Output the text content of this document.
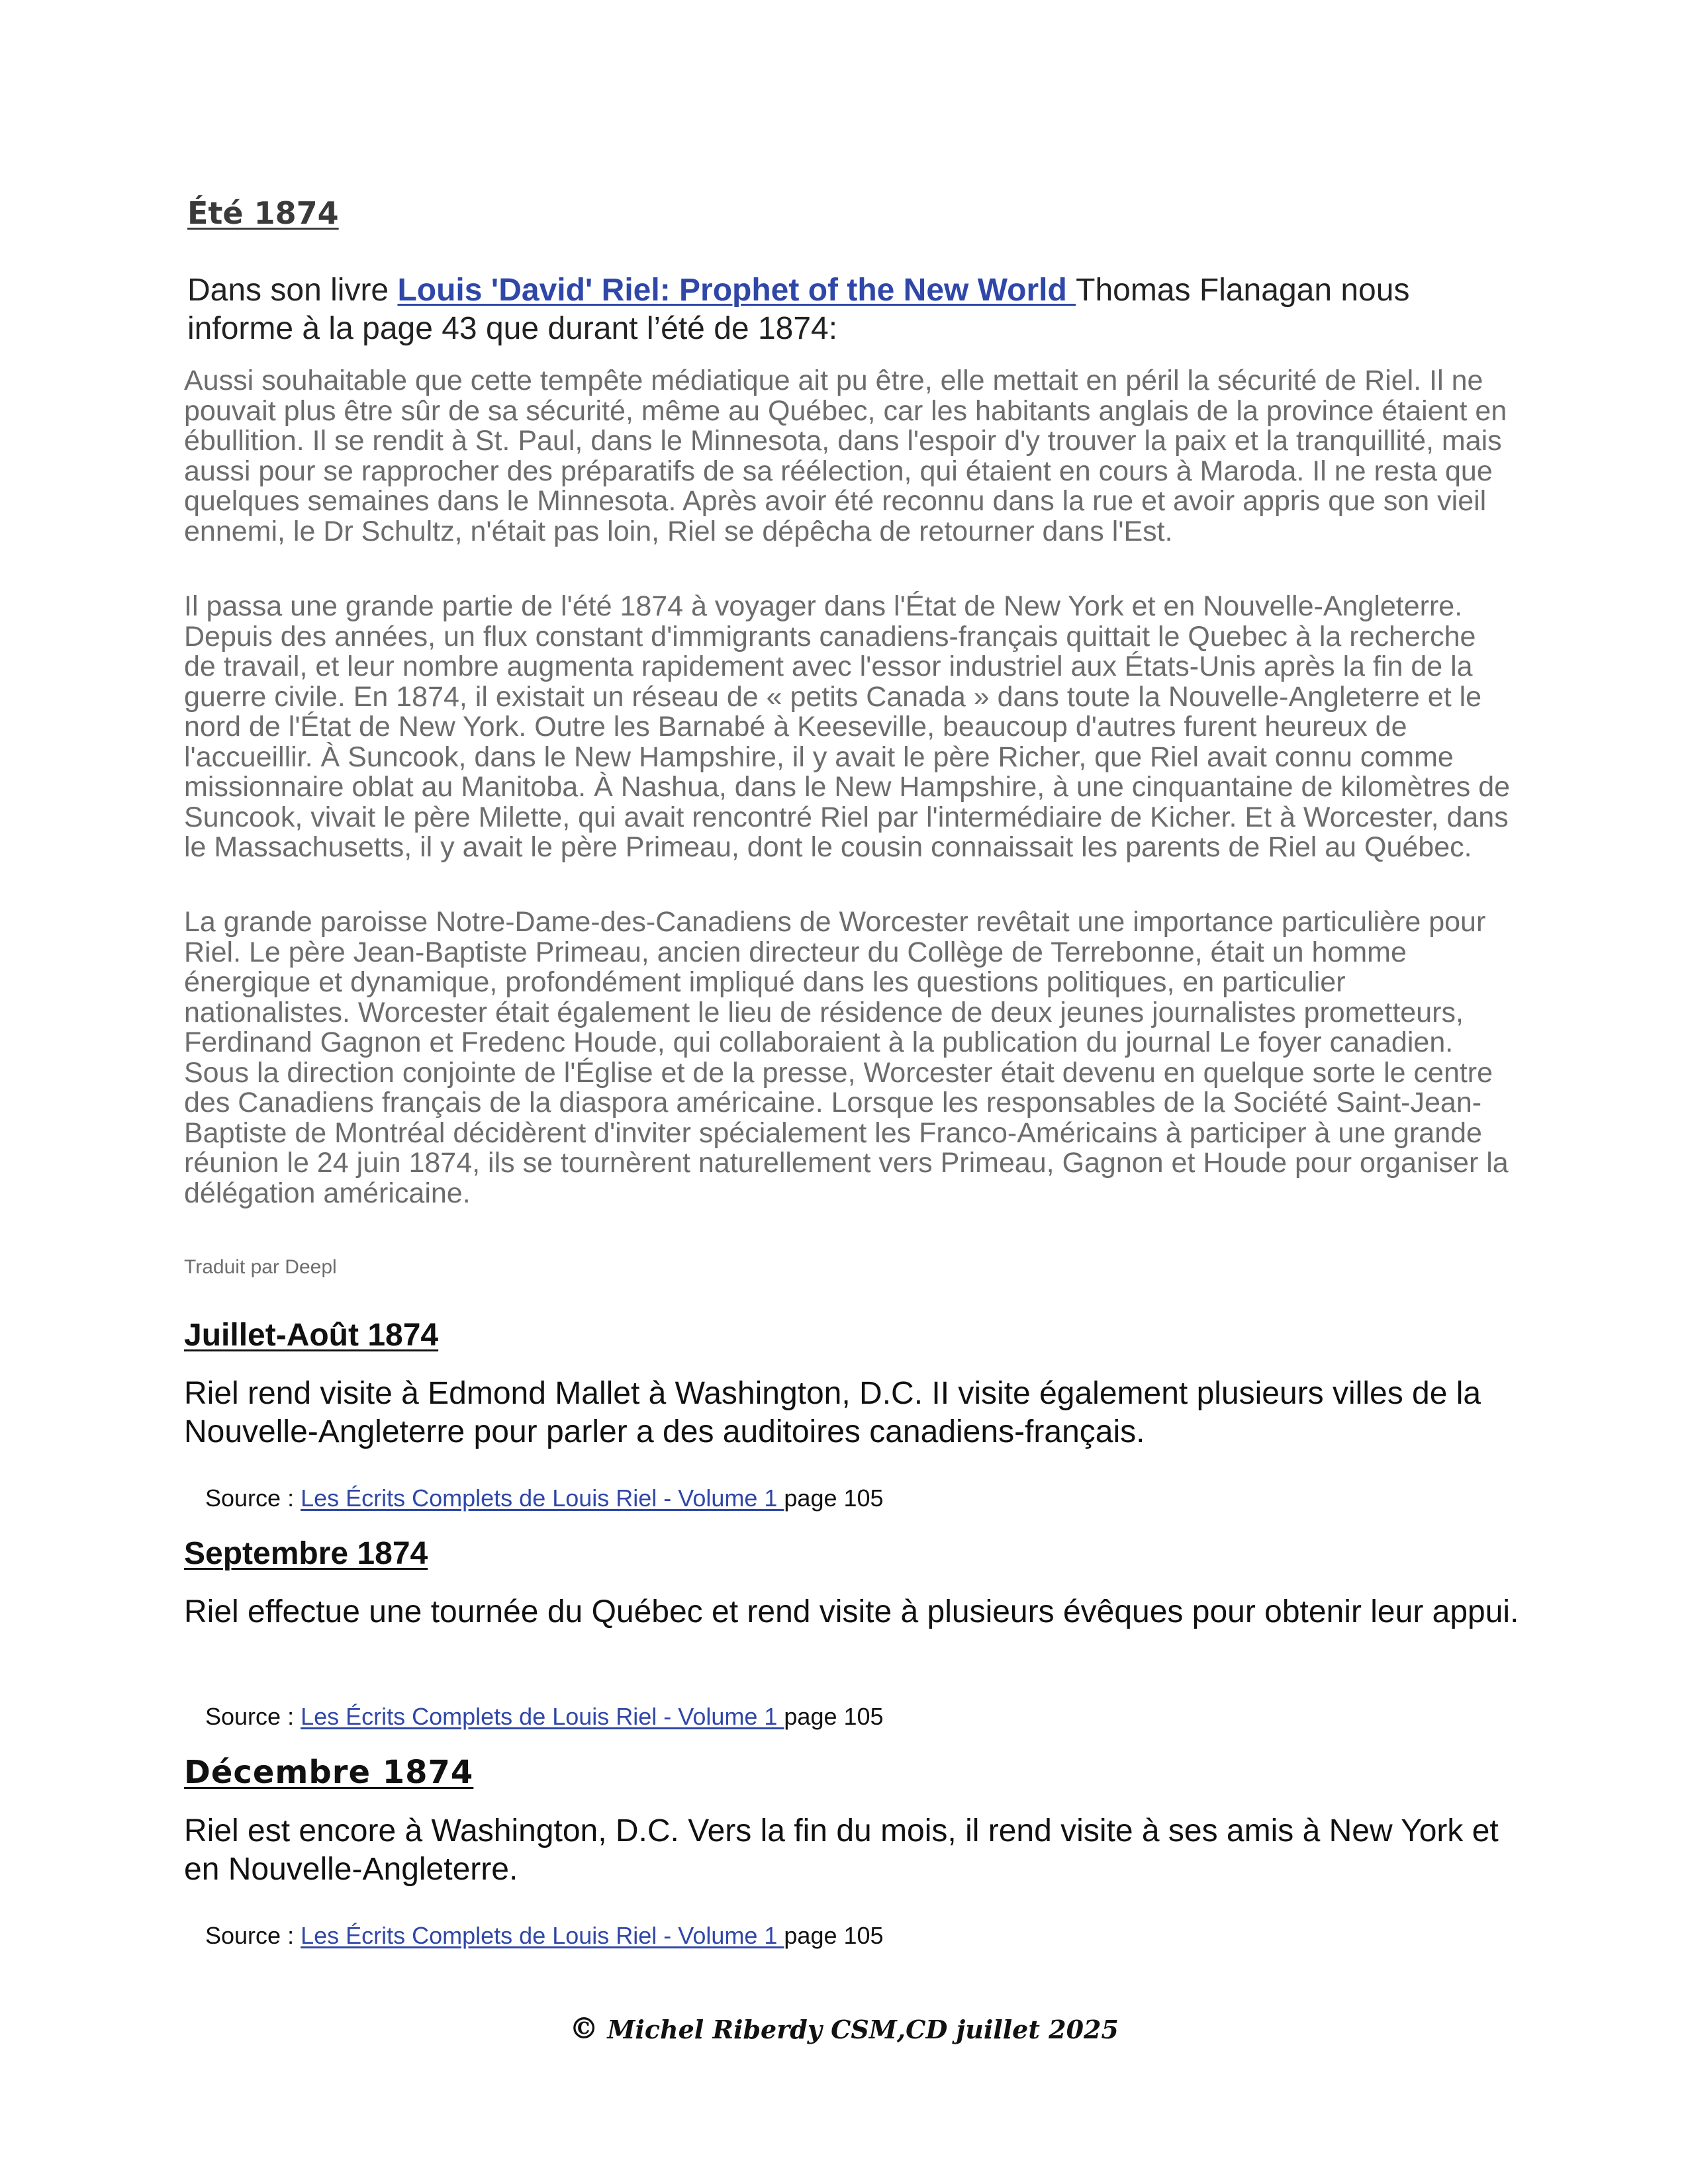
Été 1874

Dans son livre Louis 'David' Riel: Prophet of the New World Thomas Flanagan nous informe à la page 43 que durant l’été de 1874:

Aussi souhaitable que cette tempête médiatique ait pu être, elle mettait en péril la sécurité de Riel. Il ne pouvait plus être sûr de sa sécurité, même au Québec, car les habitants anglais de la province étaient en ébullition. Il se rendit à St. Paul, dans le Minnesota, dans l'espoir d'y trouver la paix et la tranquillité, mais aussi pour se rapprocher des préparatifs de sa réélection, qui étaient en cours à Maroda. Il ne resta que quelques semaines dans le Minnesota. Après avoir été reconnu dans la rue et avoir appris que son vieil ennemi, le Dr Schultz, n'était pas loin, Riel se dépêcha de retourner dans l'Est.

Il passa une grande partie de l'été 1874 à voyager dans l'État de New York et en Nouvelle-Angleterre. Depuis des années, un flux constant d'immigrants canadiens-français quittait le Quebec à la recherche de travail, et leur nombre augmenta rapidement avec l'essor industriel aux États-Unis après la fin de la guerre civile. En 1874, il existait un réseau de « petits Canada » dans toute la Nouvelle-Angleterre et le nord de l'État de New York. Outre les Barnabé à Keeseville, beaucoup d'autres furent heureux de l'accueillir. À Suncook, dans le New Hampshire, il y avait le père Richer, que Riel avait connu comme missionnaire oblat au Manitoba. À Nashua, dans le New Hampshire, à une cinquantaine de kilomètres de Suncook, vivait le père Milette, qui avait rencontré Riel par l'intermédiaire de Kicher. Et à Worcester, dans le Massachusetts, il y avait le père Primeau, dont le cousin connaissait les parents de Riel au Québec.

La grande paroisse Notre-Dame-des-Canadiens de Worcester revêtait une importance particulière pour Riel. Le père Jean-Baptiste Primeau, ancien directeur du Collège de Terrebonne, était un homme énergique et dynamique, profondément impliqué dans les questions politiques, en particulier nationalistes. Worcester était également le lieu de résidence de deux jeunes journalistes prometteurs, Ferdinand Gagnon et Fredenc Houde, qui collaboraient à la publication du journal Le foyer canadien. Sous la direction conjointe de l'Église et de la presse, Worcester était devenu en quelque sorte le centre des Canadiens français de la diaspora américaine. Lorsque les responsables de la Société Saint-Jean-Baptiste de Montréal décidèrent d'inviter spécialement les Franco-Américains à participer à une grande réunion le 24 juin 1874, ils se tournèrent naturellement vers Primeau, Gagnon et Houde pour organiser la délégation américaine.

Traduit par Deepl

Juillet-Août 1874

Riel rend visite à Edmond Mallet à Washington, D.C. II visite également plusieurs villes de la Nouvelle-Angleterre pour parler a des auditoires canadiens-français.

Source : Les Écrits Complets de Louis Riel - Volume 1 page 105

Septembre 1874

Riel effectue une tournée du Québec et rend visite à plusieurs évêques pour obtenir leur appui.

Source : Les Écrits Complets de Louis Riel - Volume 1 page 105

Décembre 1874

Riel est encore à Washington, D.C. Vers la fin du mois, il rend visite à ses amis à New York et en Nouvelle-Angleterre.

Source : Les Écrits Complets de Louis Riel - Volume 1 page 105

© Michel Riberdy CSM,CD juillet 2025
